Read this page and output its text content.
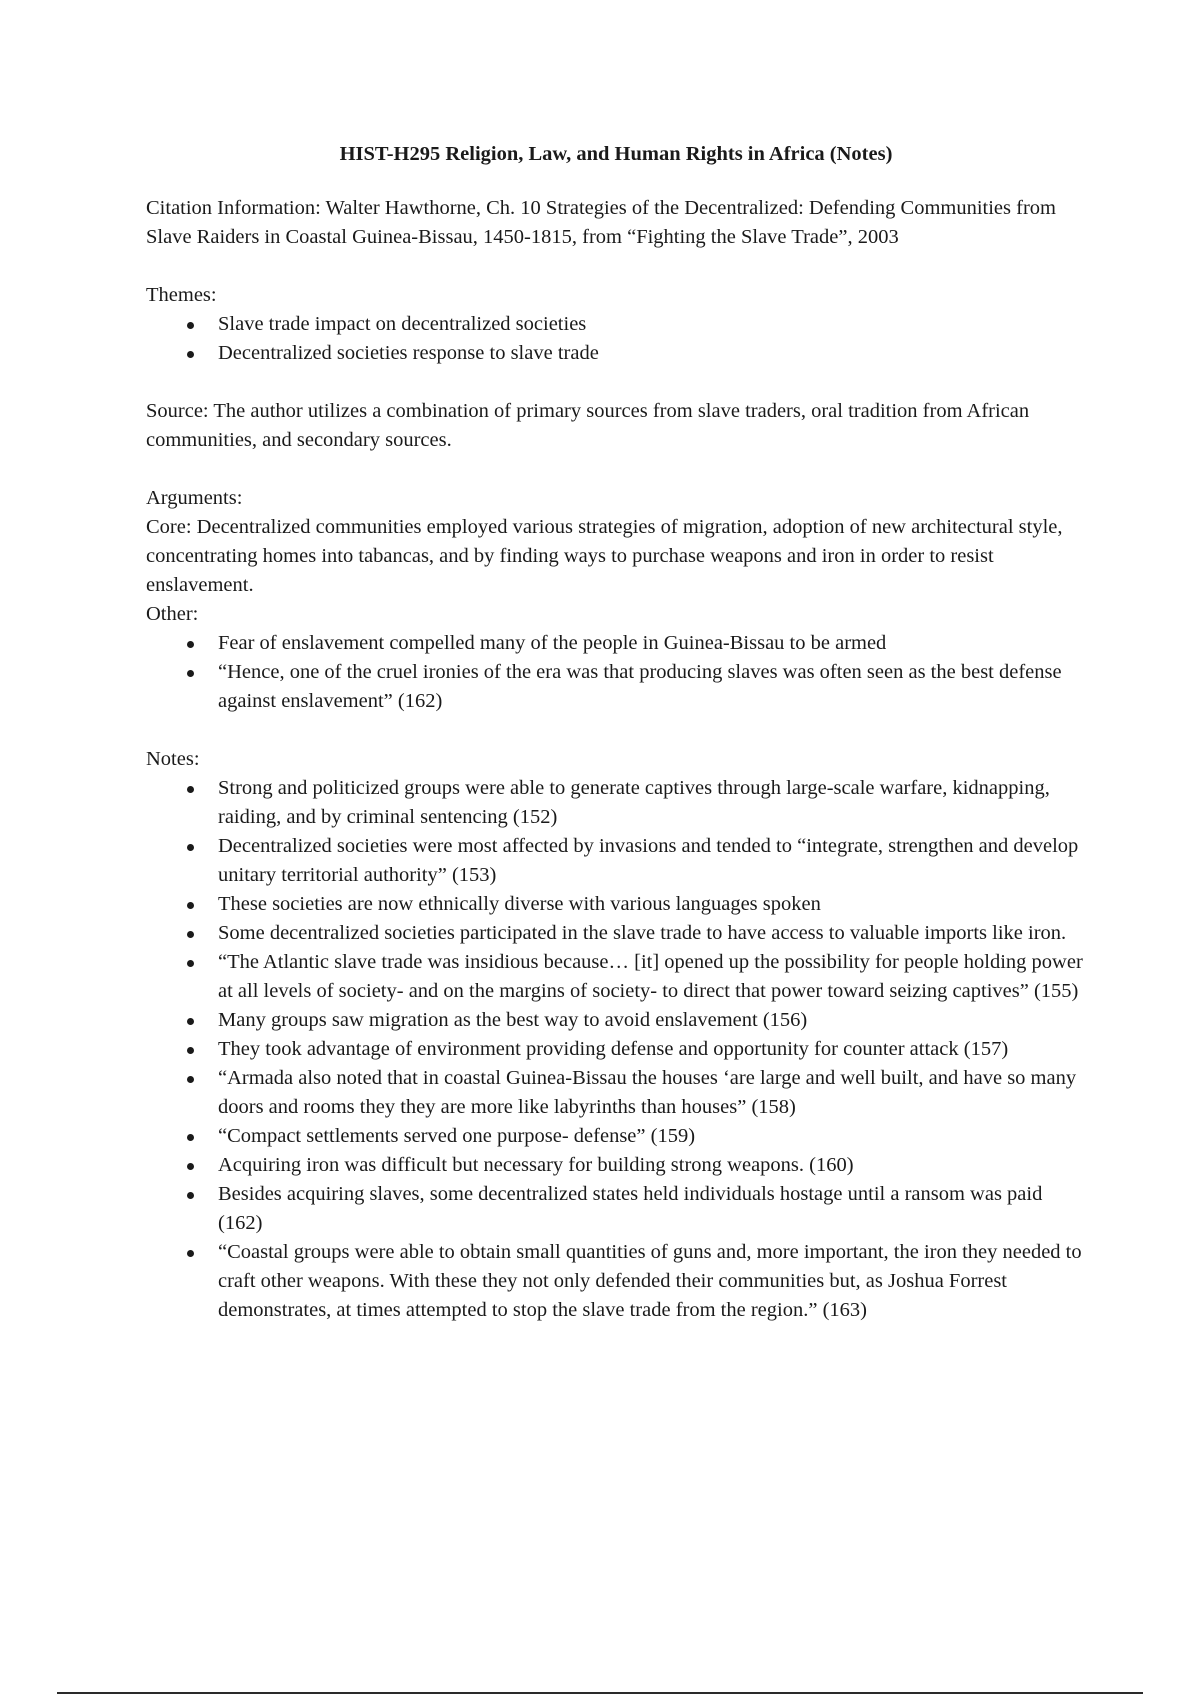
HIST-H295 Religion, Law, and Human Rights in Africa (Notes)

Citation Information: Walter Hawthorne, Ch. 10 Strategies of the Decentralized: Defending Communities from Slave Raiders in Coastal Guinea-Bissau, 1450-1815, from “Fighting the Slave Trade”, 2003

Themes:

Slave trade impact on decentralized societies
Decentralized societies response to slave trade

Source: The author utilizes a combination of primary sources from slave traders, oral tradition from African communities, and secondary sources.

Arguments:

Core: Decentralized communities employed various strategies of migration, adoption of new architectural style, concentrating homes into tabancas, and by finding ways to purchase weapons and iron in order to resist enslavement.

Other:

Fear of enslavement compelled many of the people in Guinea-Bissau to be armed
“Hence, one of the cruel ironies of the era was that producing slaves was often seen as the best defense against enslavement” (162)

Notes:

Strong and politicized groups were able to generate captives through large-scale warfare, kidnapping, raiding, and by criminal sentencing (152)
Decentralized societies were most affected by invasions and tended to “integrate, strengthen and develop unitary territorial authority” (153)
These societies are now ethnically diverse with various languages spoken
Some decentralized societies participated in the slave trade to have access to valuable imports like iron.
“The Atlantic slave trade was insidious because… [it] opened up the possibility for people holding power at all levels of society- and on the margins of society- to direct that power toward seizing captives” (155)
Many groups saw migration as the best way to avoid enslavement (156)
They took advantage of environment providing defense and opportunity for counter attack (157)
“Armada also noted that in coastal Guinea-Bissau the houses ‘are large and well built, and have so many doors and rooms they they are more like labyrinths than houses” (158)
“Compact settlements served one purpose- defense” (159)
Acquiring iron was difficult but necessary for building strong weapons. (160)
Besides acquiring slaves, some decentralized states held individuals hostage until a ransom was paid (162)
“Coastal groups were able to obtain small quantities of guns and, more important, the iron they needed to craft other weapons. With these they not only defended their communities but, as Joshua Forrest demonstrates, at times attempted to stop the slave trade from the region.” (163)
